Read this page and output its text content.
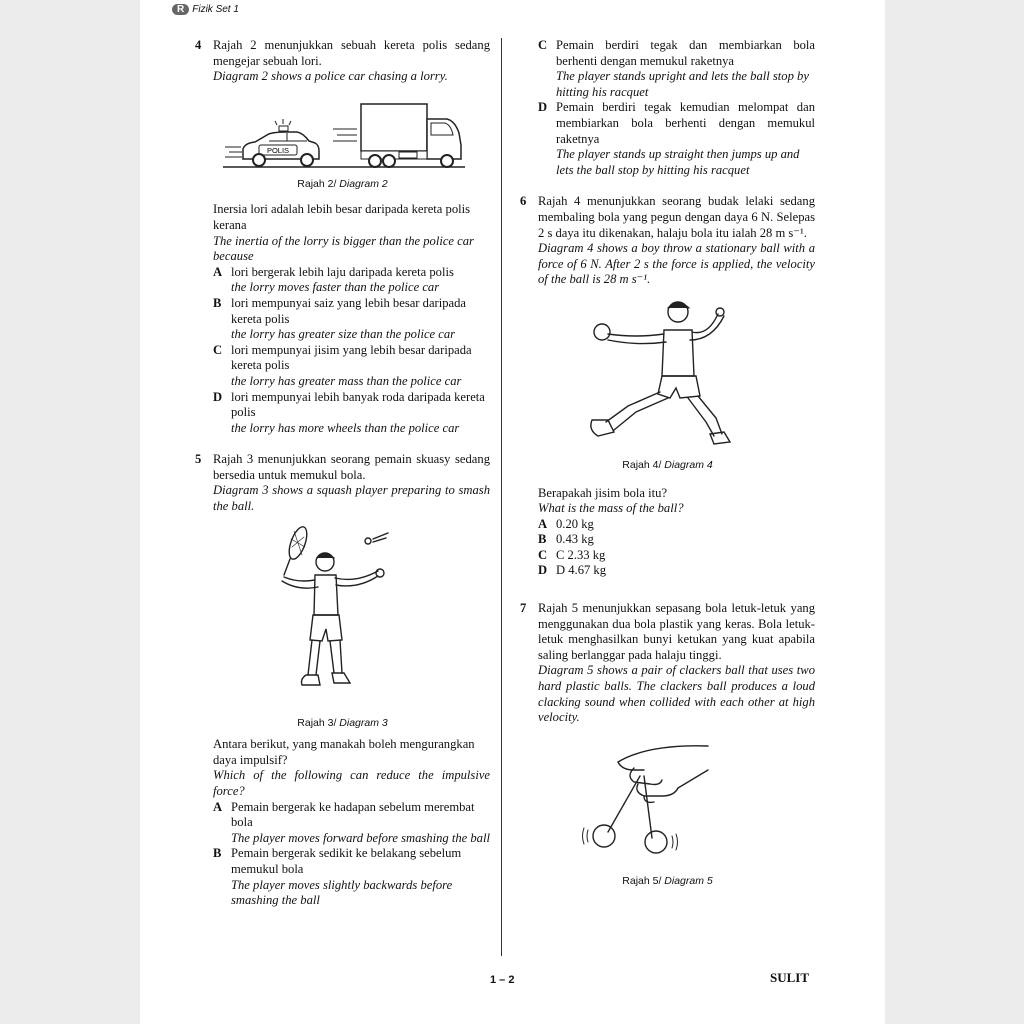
R Fizik Set 1
4 Rajah 2 menunjukkan sebuah kereta polis sedang mengejar sebuah lori.

Diagram 2 shows a police car chasing a lorry.

POLIS
Rajah 2/ Diagram 2

Inersia lori adalah lebih besar daripada kereta polis kerana

The inertia of the lorry is bigger than the police car because

A lori bergerak lebih laju daripada kereta polis

the lorry moves faster than the police car

B lori mempunyai saiz yang lebih besar daripada kereta polis

the lorry has greater size than the police car

C lori mempunyai jisim yang lebih besar daripada kereta polis

the lorry has greater mass than the police car

D lori mempunyai lebih banyak roda daripada kereta polis

the lorry has more wheels than the police car

5 Rajah 3 menunjukkan seorang pemain skuasy sedang bersedia untuk memukul bola.

Diagram 3 shows a squash player preparing to smash the ball.

Rajah 3/ Diagram 3

Antara berikut, yang manakah boleh mengurangkan daya impulsif?

Which of the following can reduce the impulsive force?

A Pemain bergerak ke hadapan sebelum merembat bola

The player moves forward before smashing the ball

B Pemain bergerak sedikit ke belakang sebelum memukul bola

The player moves slightly backwards before smashing the ball

C Pemain berdiri tegak dan membiarkan bola berhenti dengan memukul raketnya

The player stands upright and lets the ball stop by hitting his racquet

D Pemain berdiri tegak kemudian melompat dan membiarkan bola berhenti dengan memukul raketnya

The player stands up straight then jumps up and lets the ball stop by hitting his racquet

6 Rajah 4 menunjukkan seorang budak lelaki sedang membaling bola yang pegun dengan daya 6 N. Selepas 2 s daya itu dikenakan, halaju bola itu ialah 28 m s⁻¹.

Diagram 4 shows a boy throw a stationary ball with a force of 6 N. After 2 s the force is applied, the velocity of the ball is 28 m s⁻¹.

Rajah 4/ Diagram 4

Berapakah jisim bola itu?

What is the mass of the ball?

A 0.20 kg

B 0.43 kg

C C 2.33 kg

D D 4.67 kg

7 Rajah 5 menunjukkan sepasang bola letuk-letuk yang menggunakan dua bola plastik yang keras. Bola letuk-letuk menghasilkan bunyi ketukan yang kuat apabila saling berlanggar pada halaju tinggi.

Diagram 5 shows a pair of clackers ball that uses two hard plastic balls. The clackers ball produces a loud clacking sound when collided with each other at high velocity.

Rajah 5/ Diagram 5
1 – 2	SULIT
